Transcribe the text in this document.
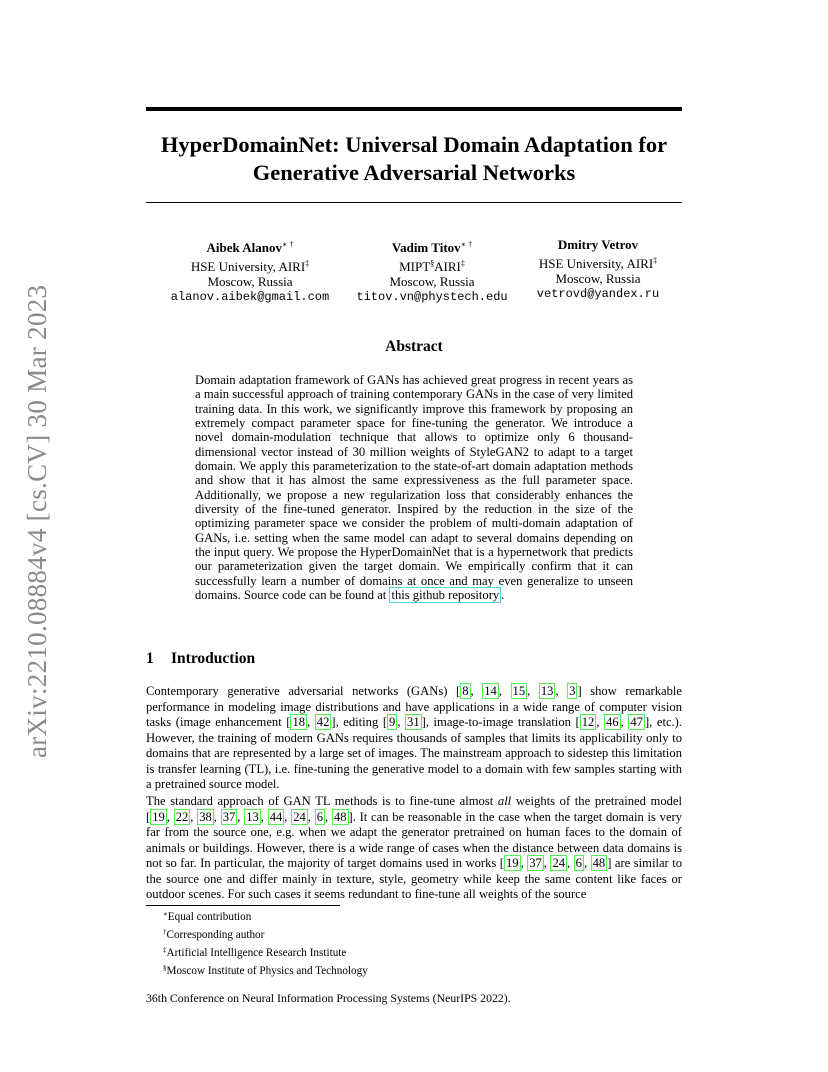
arXiv:2210.08884v4 [cs.CV] 30 Mar 2023
HyperDomainNet: Universal Domain Adaptation for
Generative Adversarial Networks
Aibek Alanov∗ †
HSE University, AIRI‡
Moscow, Russia
alanov.aibek@gmail.com
Vadim Titov∗ †
MIPT§AIRI‡
Moscow, Russia
titov.vn@phystech.edu
Dmitry Vetrov
HSE University, AIRI‡
Moscow, Russia
vetrovd@yandex.ru
Abstract

Domain adaptation framework of GANs has achieved great progress in recent years as a main successful approach of training contemporary GANs in the case of very limited training data. In this work, we significantly improve this framework by proposing an extremely compact parameter space for fine-tuning the generator. We introduce a novel domain-modulation technique that allows to optimize only 6 thousand-dimensional vector instead of 30 million weights of StyleGAN2 to adapt to a target domain. We apply this parameterization to the state-of-art domain adaptation methods and show that it has almost the same expressiveness as the full parameter space. Additionally, we propose a new regularization loss that considerably enhances the diversity of the fine-tuned generator. Inspired by the reduction in the size of the optimizing parameter space we consider the problem of multi-domain adaptation of GANs, i.e. setting when the same model can adapt to several domains depending on the input query. We propose the HyperDomainNet that is a hypernetwork that predicts our parameterization given the target domain. We empirically confirm that it can successfully learn a number of domains at once and may even generalize to unseen domains. Source code can be found at this github repository .

1 Introduction

Contemporary generative adversarial networks (GANs) [ 8 , 14 , 15 , 13 , 3 ] show remarkable performance in modeling image distributions and have applications in a wide range of computer vision tasks (image enhancement [ 18 , 42 ], editing [ 9 , 31 ], image-to-image translation [ 12 , 46 , 47 ], etc.). However, the training of modern GANs requires thousands of samples that limits its applicability only to domains that are represented by a large set of images. The mainstream approach to sidestep this limitation is transfer learning (TL), i.e. fine-tuning the generative model to a domain with few samples starting with a pretrained source model.

The standard approach of GAN TL methods is to fine-tune almost all weights of the pretrained model [ 19 , 22 , 38 , 37 , 13 , 44 , 24 , 6 , 48 ]. It can be reasonable in the case when the target domain is very far from the source one, e.g. when we adapt the generator pretrained on human faces to the domain of animals or buildings. However, there is a wide range of cases when the distance between data domains is not so far. In particular, the majority of target domains used in works [ 19 , 37 , 24 , 6 , 48 ] are similar to the source one and differ mainly in texture, style, geometry while keep the same content like faces or outdoor scenes. For such cases it seems redundant to fine-tune all weights of the source

∗Equal contribution
†Corresponding author
‡Artificial Intelligence Research Institute
§Moscow Institute of Physics and Technology

36th Conference on Neural Information Processing Systems (NeurIPS 2022).
